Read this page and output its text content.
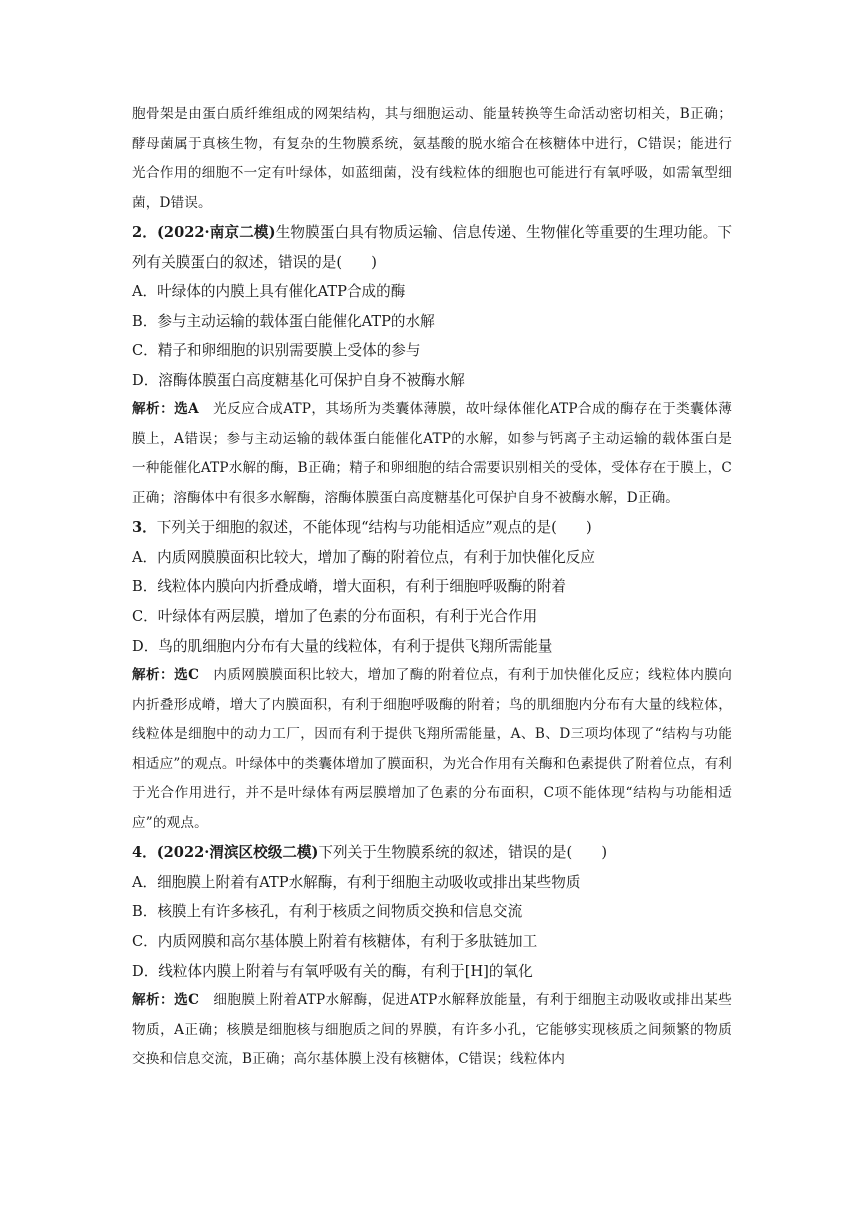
胞骨架是由蛋白质纤维组成的网架结构，其与细胞运动、能量转换等生命活动密切相关，B正确；酵母菌属于真核生物，有复杂的生物膜系统，氨基酸的脱水缩合在核糖体中进行，C错误；能进行光合作用的细胞不一定有叶绿体，如蓝细菌，没有线粒体的细胞也可能进行有氧呼吸，如需氧型细菌，D错误。

2．(2022·南京二模)生物膜蛋白具有物质运输、信息传递、生物催化等重要的生理功能。下列有关膜蛋白的叙述，错误的是(　　)

A．叶绿体的内膜上具有催化ATP合成的酶

B．参与主动运输的载体蛋白能催化ATP的水解

C．精子和卵细胞的识别需要膜上受体的参与

D．溶酶体膜蛋白高度糖基化可保护自身不被酶水解

解析：选A　光反应合成ATP，其场所为类囊体薄膜，故叶绿体催化ATP合成的酶存在于类囊体薄膜上，A错误；参与主动运输的载体蛋白能催化ATP的水解，如参与钙离子主动运输的载体蛋白是一种能催化ATP水解的酶，B正确；精子和卵细胞的结合需要识别相关的受体，受体存在于膜上，C正确；溶酶体中有很多水解酶，溶酶体膜蛋白高度糖基化可保护自身不被酶水解，D正确。

3．下列关于细胞的叙述，不能体现“结构与功能相适应”观点的是(　　)

A．内质网膜膜面积比较大，增加了酶的附着位点，有利于加快催化反应

B．线粒体内膜向内折叠成嵴，增大面积，有利于细胞呼吸酶的附着

C．叶绿体有两层膜，增加了色素的分布面积，有利于光合作用

D．鸟的肌细胞内分布有大量的线粒体，有利于提供飞翔所需能量

解析：选C　内质网膜膜面积比较大，增加了酶的附着位点，有利于加快催化反应；线粒体内膜向内折叠形成嵴，增大了内膜面积，有利于细胞呼吸酶的附着；鸟的肌细胞内分布有大量的线粒体，线粒体是细胞中的动力工厂，因而有利于提供飞翔所需能量，A、B、D三项均体现了“结构与功能相适应”的观点。叶绿体中的类囊体增加了膜面积，为光合作用有关酶和色素提供了附着位点，有利于光合作用进行，并不是叶绿体有两层膜增加了色素的分布面积，C项不能体现“结构与功能相适应”的观点。

4．(2022·渭滨区校级二模)下列关于生物膜系统的叙述，错误的是(　　)

A．细胞膜上附着有ATP水解酶，有利于细胞主动吸收或排出某些物质

B．核膜上有许多核孔，有利于核质之间物质交换和信息交流

C．内质网膜和高尔基体膜上附着有核糖体，有利于多肽链加工

D．线粒体内膜上附着与有氧呼吸有关的酶，有利于[H]的氧化

解析：选C　细胞膜上附着ATP水解酶，促进ATP水解释放能量，有利于细胞主动吸收或排出某些物质，A正确；核膜是细胞核与细胞质之间的界膜，有许多小孔，它能够实现核质之间频繁的物质交换和信息交流，B正确；高尔基体膜上没有核糖体，C错误；线粒体内
